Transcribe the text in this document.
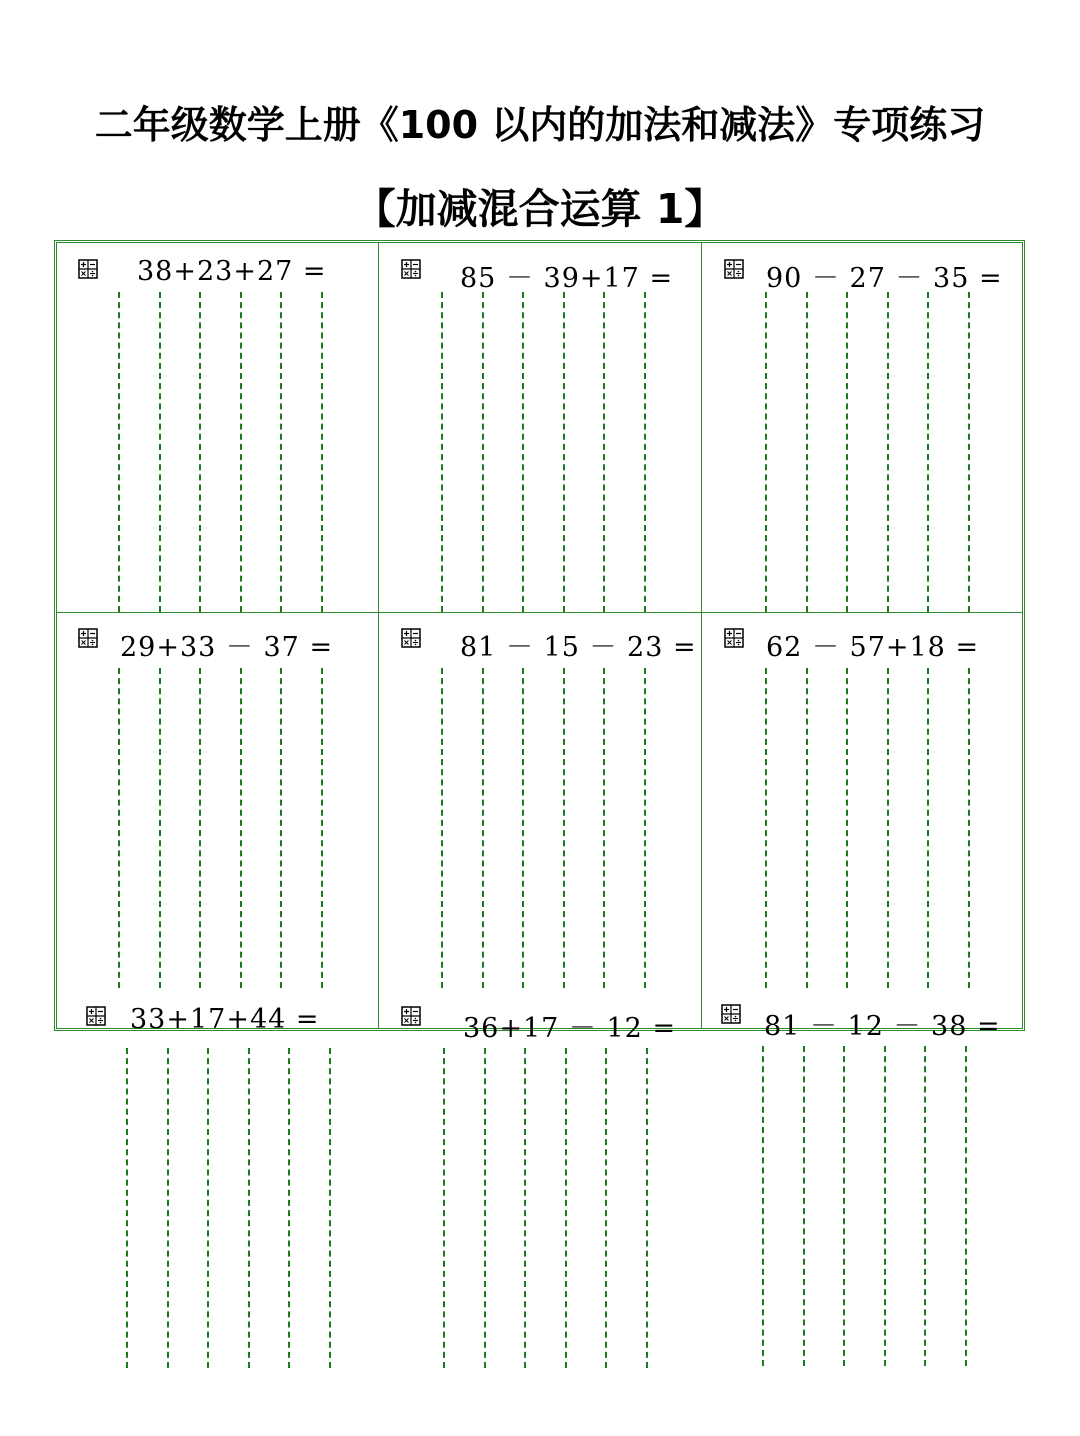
二年级数学上册《100 以内的加法和减法》专项练习
【加减混合运算 1】
38+23+27 =	85 － 39+17 =	90 － 27 － 35 =
29+33 － 37 =	81 － 15 － 23 =	62 － 57+18 =
33+17+44 =	36+17 － 12 =	81 － 12 － 38 =
